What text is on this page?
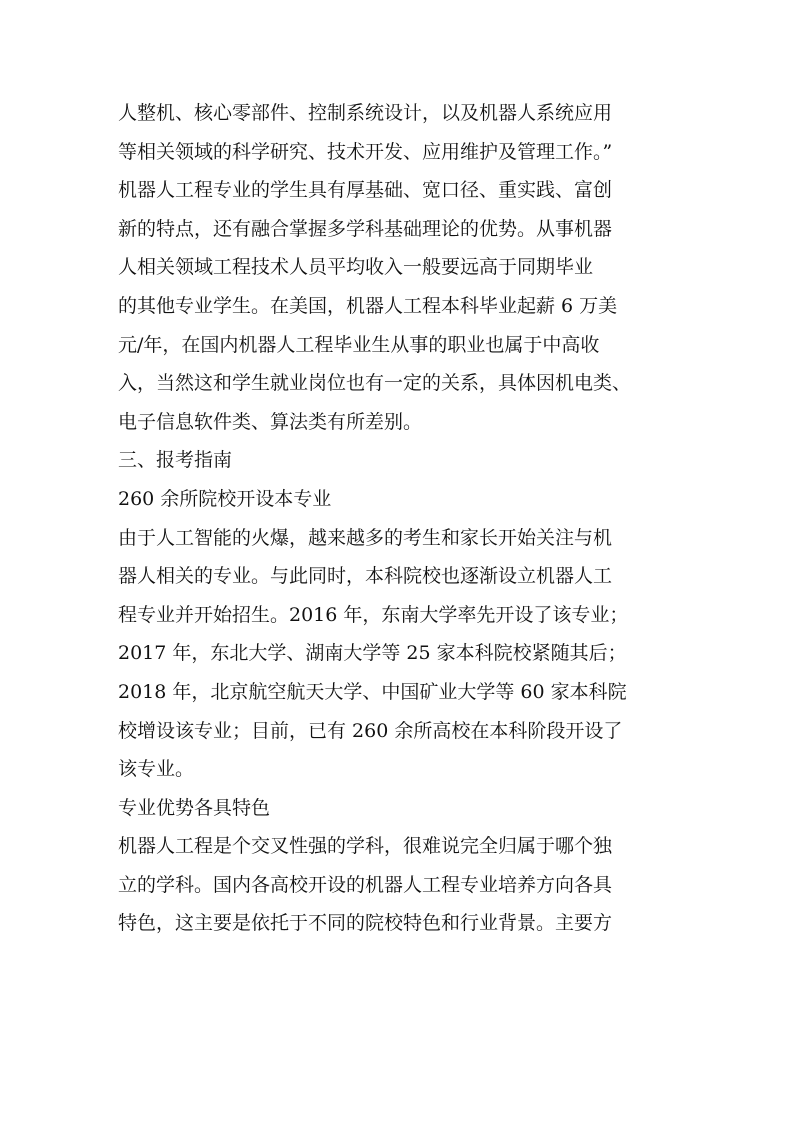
人整机、核心零部件、控制系统设计，以及机器人系统应用
等相关领域的科学研究、技术开发、应用维护及管理工作。”
机器人工程专业的学生具有厚基础、宽口径、重实践、富创
新的特点，还有融合掌握多学科基础理论的优势。从事机器
人相关领域工程技术人员平均收入一般要远高于同期毕业
的其他专业学生。在美国，机器人工程本科毕业起薪 6 万美
元/年，在国内机器人工程毕业生从事的职业也属于中高收
入，当然这和学生就业岗位也有一定的关系，具体因机电类、
电子信息软件类、算法类有所差别。
三、报考指南
260 余所院校开设本专业
由于人工智能的火爆，越来越多的考生和家长开始关注与机
器人相关的专业。与此同时，本科院校也逐渐设立机器人工
程专业并开始招生。2016 年，东南大学率先开设了该专业；
2017 年，东北大学、湖南大学等 25 家本科院校紧随其后；
2018 年，北京航空航天大学、中国矿业大学等 60 家本科院
校增设该专业；目前，已有 260 余所高校在本科阶段开设了
该专业。
专业优势各具特色
机器人工程是个交叉性强的学科，很难说完全归属于哪个独
立的学科。国内各高校开设的机器人工程专业培养方向各具
特色，这主要是依托于不同的院校特色和行业背景。主要方
